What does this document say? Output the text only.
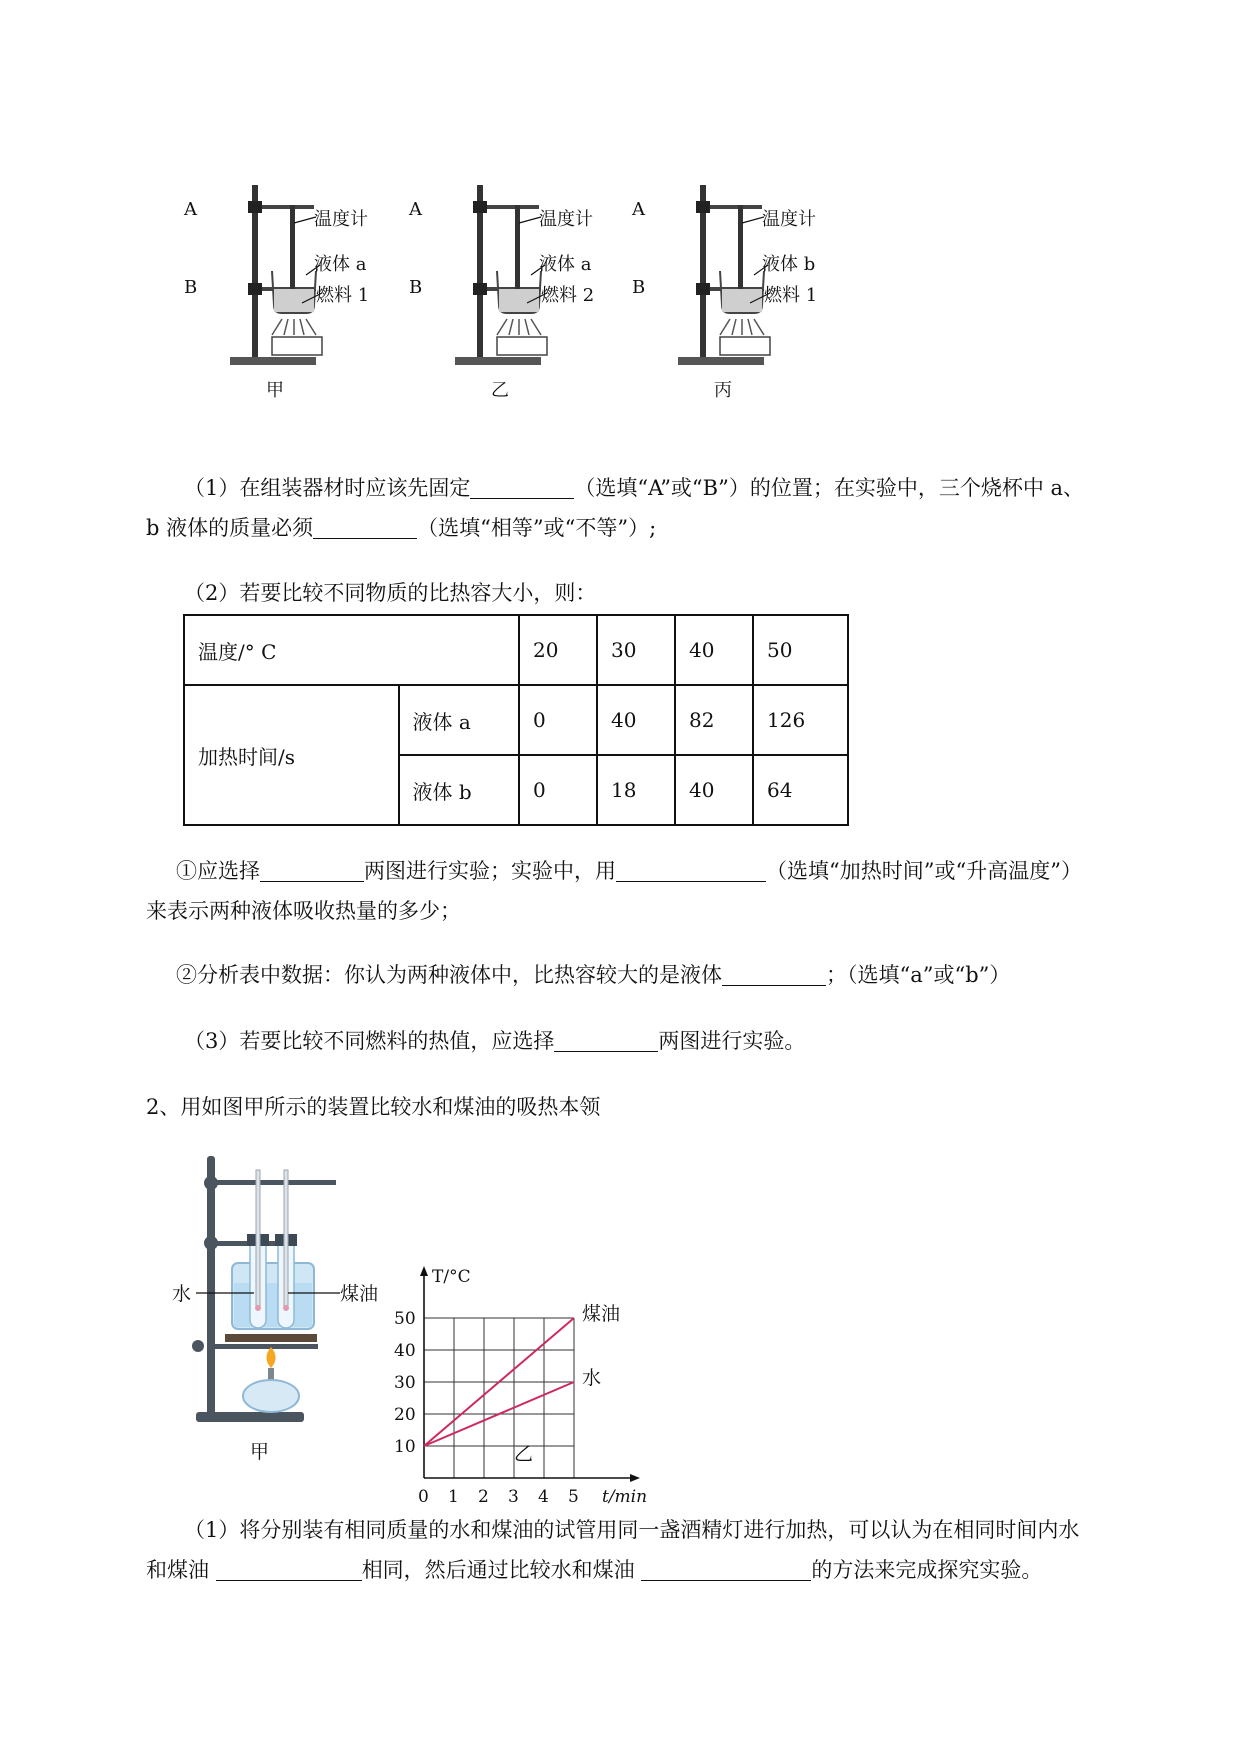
A
B
温度计
液体 a
燃料 1
甲
A
B
温度计
液体 a
燃料 2
乙
A
B
温度计
液体 b
燃料 1
丙
（1）在组装器材时应该先固定	（选填“A”或“B”）的位置；在实验中，三个烧杯中 a、
b 液体的质量必须	（选填“相等”或“不等”）;
（2）若要比较不同物质的比热容大小，则：
温度/° C		20	30	40	50
加热时间/s	液体 a	0	40	82	126
	液体 b	0	18	40	64
①应选择	两图进行实验；实验中，用	（选填“加热时间”或“升高温度”）
来表示两种液体吸收热量的多少；
②分析表中数据：你认为两种液体中，比热容较大的是液体	；（选填“a”或“b”）
（3）若要比较不同燃料的热值，应选择	两图进行实验。
2、用如图甲所示的装置比较水和煤油的吸热本领
水	煤油
甲
0 1 2 3 4 5
10
20
30
40
50
T/°C
t/min
煤油
水
乙
（1）将分别装有相同质量的水和煤油的试管用同一盏酒精灯进行加热，可以认为在相同时间内水
和煤油	相同，然后通过比较水和煤油	的方法来完成探究实验。
